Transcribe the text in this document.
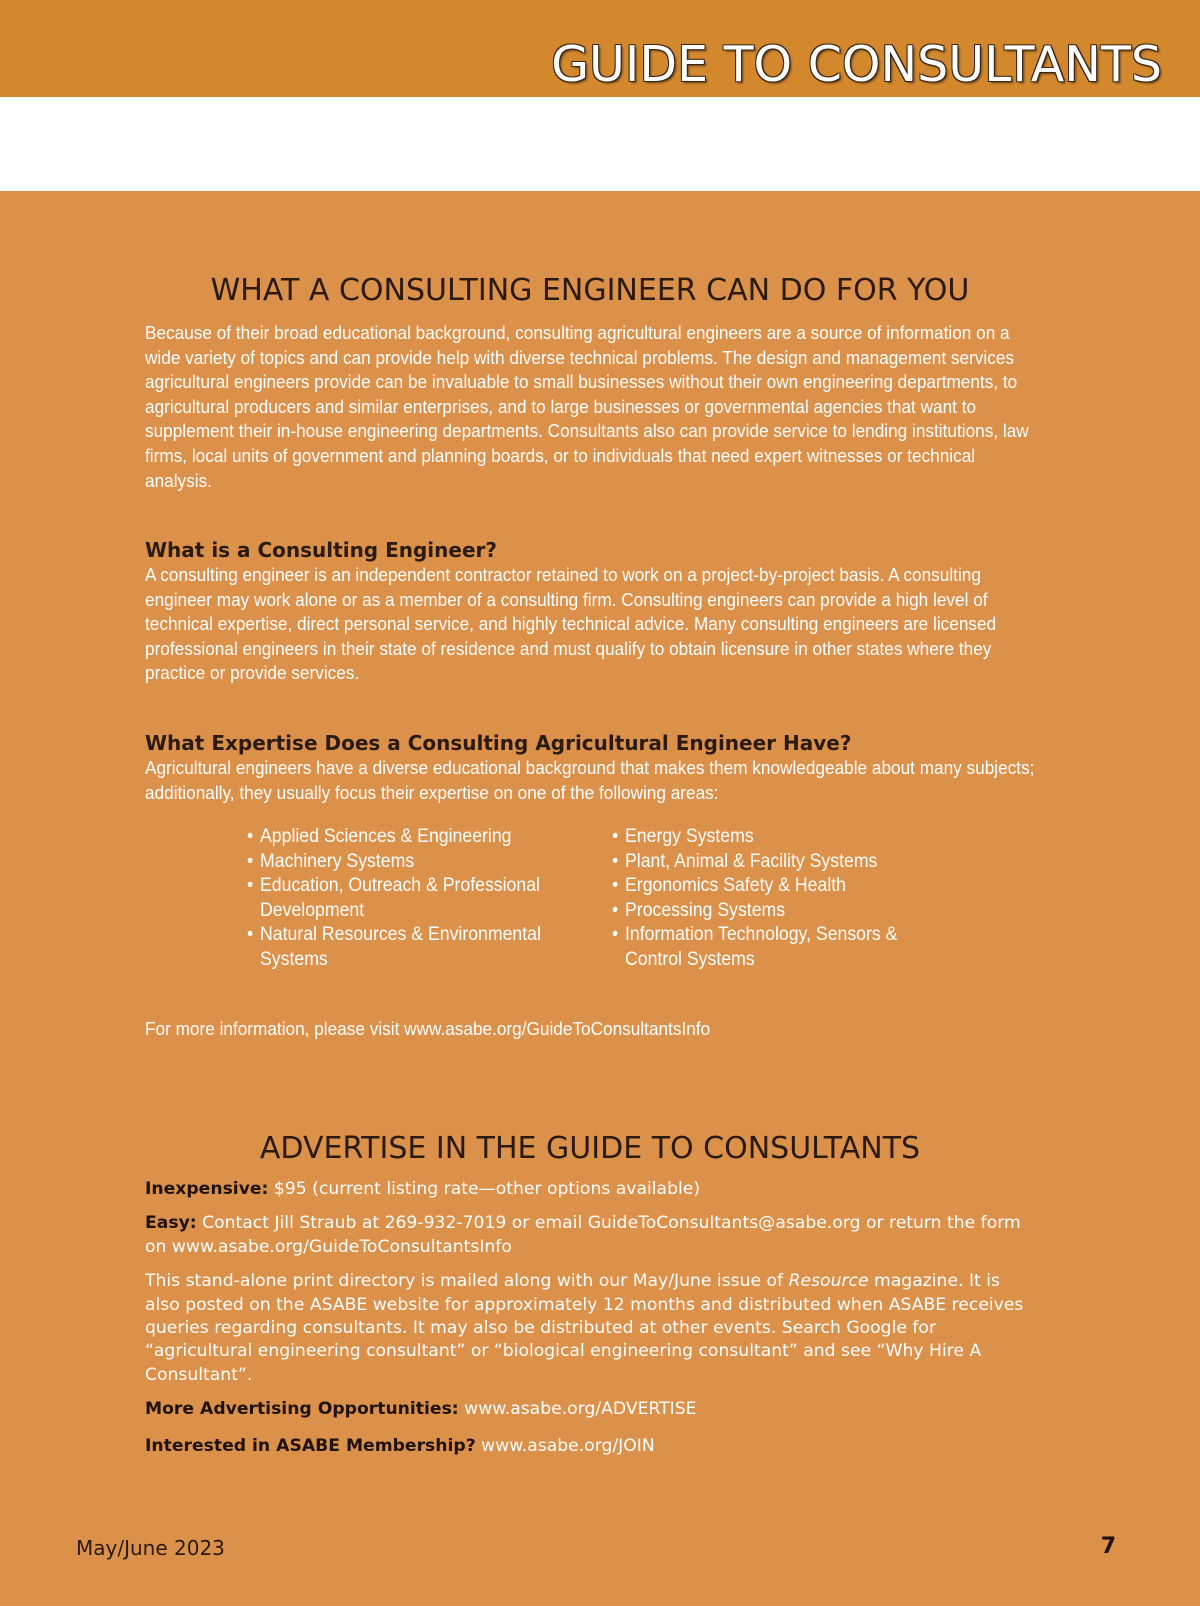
GUIDE TO CONSULTANTS
WHAT A CONSULTING ENGINEER CAN DO FOR YOU

Because of their broad educational background, consulting agricultural engineers are a source of information on a wide variety of topics and can provide help with diverse technical problems. The design and management services agricultural engineers provide can be invaluable to small businesses without their own engineering departments, to agricultural producers and similar enterprises, and to large businesses or governmental agencies that want to supplement their in-house engineering departments. Consultants also can provide service to lending institutions, law firms, local units of government and planning boards, or to individuals that need expert witnesses or technical analysis.

What is a Consulting Engineer?

A consulting engineer is an independent contractor retained to work on a project-by-project basis. A consulting engineer may work alone or as a member of a consulting firm. Consulting engineers can provide a high level of technical expertise, direct personal service, and highly technical advice. Many consulting engineers are licensed professional engineers in their state of residence and must qualify to obtain licensure in other states where they practice or provide services.

What Expertise Does a Consulting Agricultural Engineer Have?

Agricultural engineers have a diverse educational background that makes them knowledgeable about many subjects; additionally, they usually focus their expertise on one of the following areas:

• Applied Sciences & Engineering
• Machinery Systems
• Education, Outreach & Professional Development
• Natural Resources & Environmental Systems
• Energy Systems
• Plant, Animal & Facility Systems
• Ergonomics Safety & Health
• Processing Systems
• Information Technology, Sensors & Control Systems

For more information, please visit www.asabe.org/GuideToConsultantsInfo

ADVERTISE IN THE GUIDE TO CONSULTANTS

Inexpensive: $95 (current listing rate—other options available)

Easy: Contact Jill Straub at 269-932-7019 or email GuideToConsultants@asabe.org or return the form on www.asabe.org/GuideToConsultantsInfo

This stand-alone print directory is mailed along with our May/June issue of Resource magazine. It is also posted on the ASABE website for approximately 12 months and distributed when ASABE receives queries regarding consultants. It may also be distributed at other events. Search Google for “agricultural engineering consultant” or “biological engineering consultant” and see “Why Hire A Consultant”.

More Advertising Opportunities: www.asabe.org/ADVERTISE

Interested in ASABE Membership? www.asabe.org/JOIN

May/June 2023	7
